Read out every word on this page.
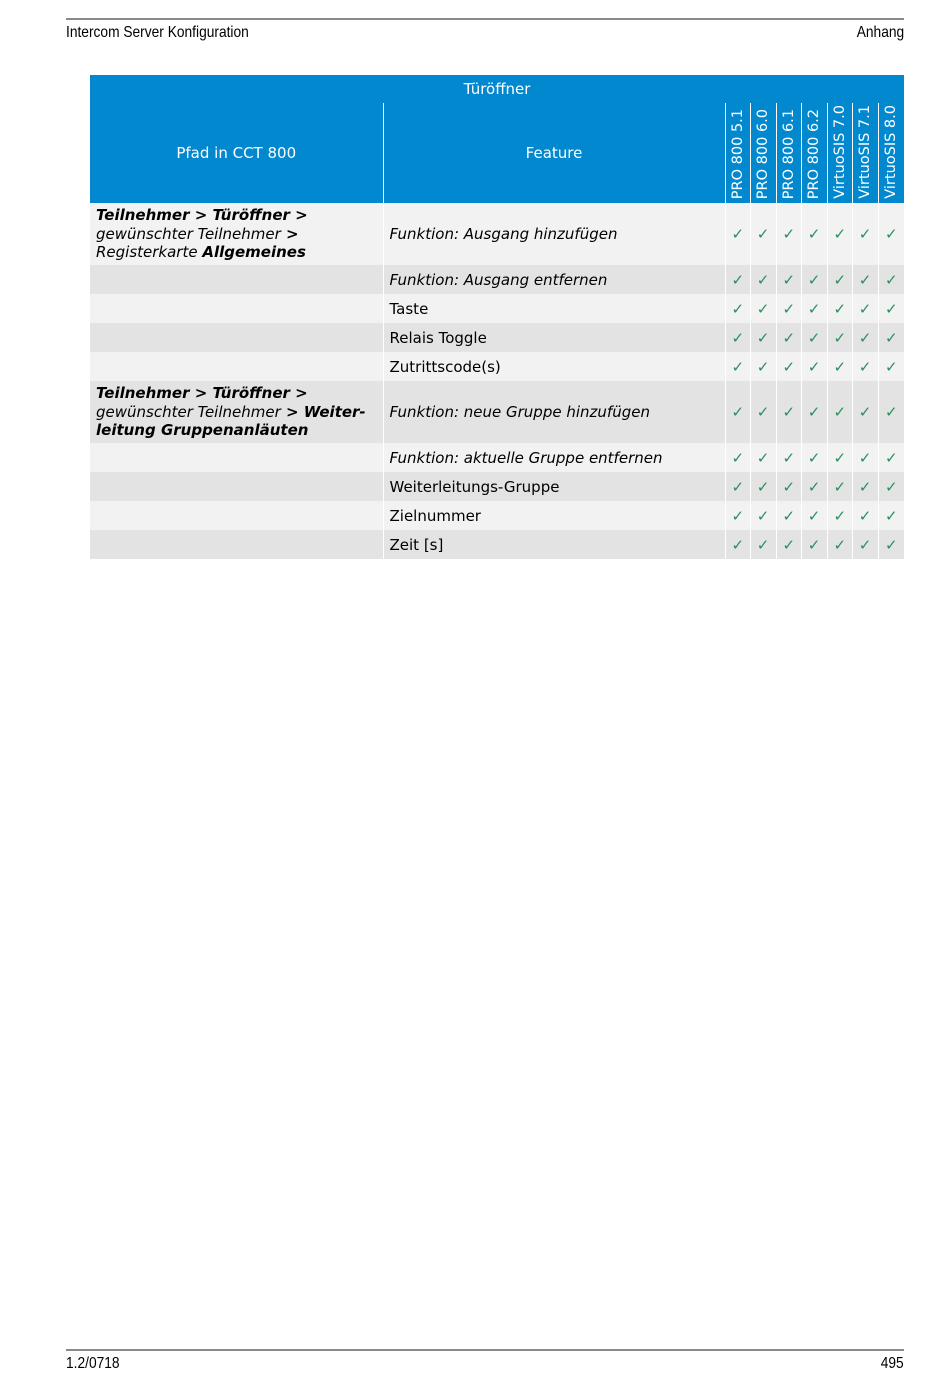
Intercom Server Konfiguration	Anhang
Türöffner								
Pfad in CCT 800	Feature	PRO 800 5.1	PRO 800 6.0	PRO 800 6.1	PRO 800 6.2	VirtuoSIS 7.0	VirtuoSIS 7.1	VirtuoSIS 8.0

Teilnehmer > Türöffner >
gewünschter Teilnehmer >
Registerkarte Allgemeines	Funktion: Ausgang hinzufügen	✓	✓	✓	✓	✓	✓	✓
	Funktion: Ausgang entfernen	✓	✓	✓	✓	✓	✓	✓
	Taste	✓	✓	✓	✓	✓	✓	✓
	Relais Toggle	✓	✓	✓	✓	✓	✓	✓
	Zutrittscode(s)	✓	✓	✓	✓	✓	✓	✓
Teilnehmer > Türöffner >
gewünschter Teilnehmer > Weiter-
leitung Gruppenanläuten	Funktion: neue Gruppe hinzufügen	✓	✓	✓	✓	✓	✓	✓
	Funktion: aktuelle Gruppe entfernen	✓	✓	✓	✓	✓	✓	✓
	Weiterleitungs-Gruppe	✓	✓	✓	✓	✓	✓	✓
	Zielnummer	✓	✓	✓	✓	✓	✓	✓
	Zeit [s]	✓	✓	✓	✓	✓	✓	✓
1.2/0718	495
